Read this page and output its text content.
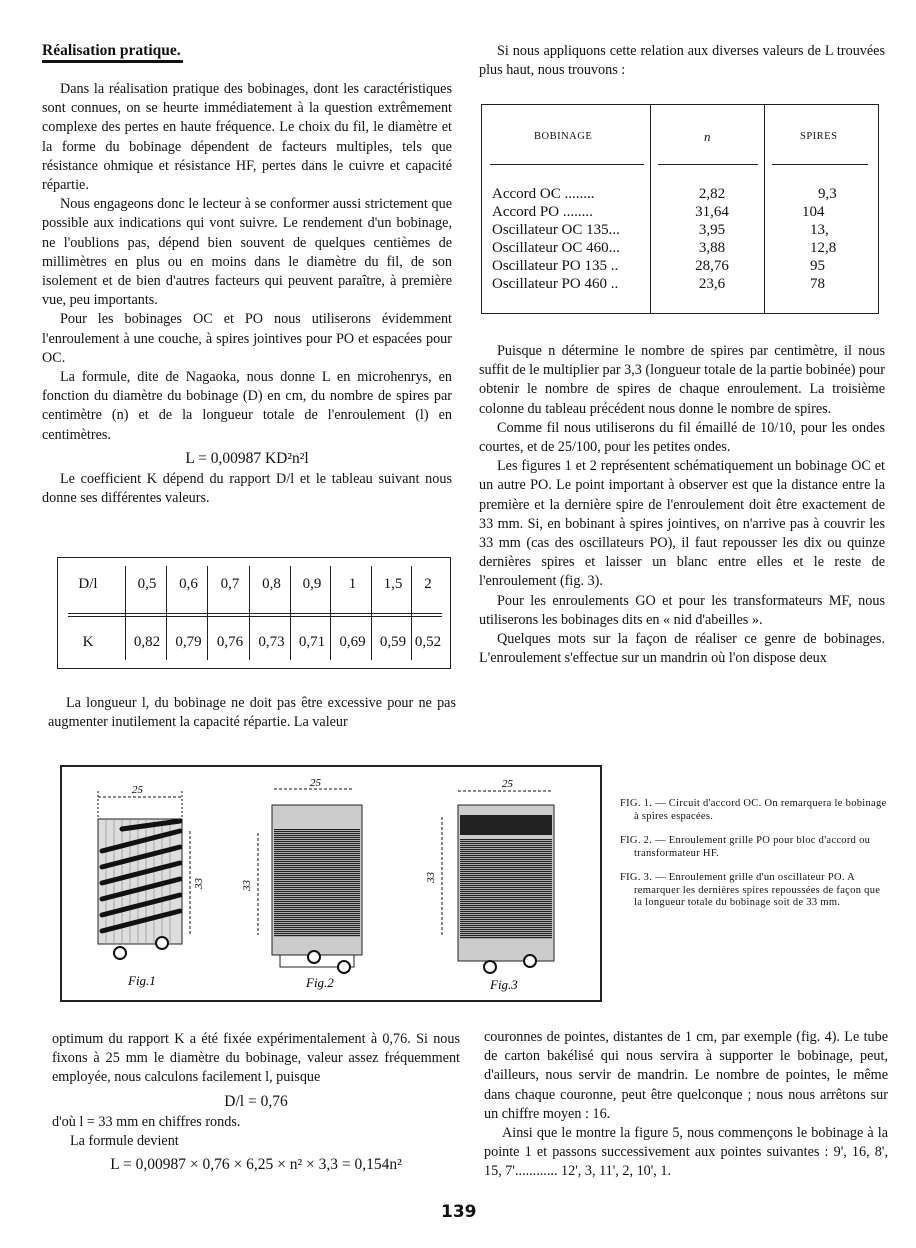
Réalisation pratique.

Dans la réalisation pratique des bobinages, dont les caractéristiques sont connues, on se heurte immédiatement à la question extrêmement complexe des pertes en haute fréquence. Le choix du fil, le diamètre et la forme du bobinage dépendent de facteurs multiples, tels que résistance ohmique et résistance HF, pertes dans le cuivre et capacité répartie.

Nous engageons donc le lecteur à se conformer aussi strictement que possible aux indications qui vont suivre. Le rendement d'un bobinage, ne l'oublions pas, dépend bien souvent de quelques centièmes de millimètres en plus ou en moins dans le diamètre du fil, de son isolement et de bien d'autres facteurs qui peuvent paraître, à première vue, peu importants.

Pour les bobinages OC et PO nous utiliserons évidemment l'enroulement à une couche, à spires jointives pour PO et espacées pour OC.

La formule, dite de Nagaoka, nous donne L en microhenrys, en fonction du diamètre du bobinage (D) en cm, du nombre de spires par centimètre (n) et de la longueur totale de l'enroulement (l) en centimètres.

L = 0,00987 KD²n²l

Le coefficient K dépend du rapport D/l et le tableau suivant nous donne ses différentes valeurs.

D/l	0,5	0,6	0,7	0,8	0,9	1	1,5	2
K	0,82	0,79	0,76	0,73 0,71 0,69 0,59 0,52

La longueur l, du bobinage ne doit pas être excessive pour ne pas augmenter inutilement la capacité répartie. La valeur

Si nous appliquons cette relation aux diverses valeurs de L trouvées plus haut, nous trouvons :

BOBINAGE	n	SPIRES
Accord OC ........	2,82	9,3
Accord PO ........	31,64	104
Oscillateur OC 135...	3,95	13,
Oscillateur OC 460...	3,88	12,8
Oscillateur PO 135 ..	28,76	95
Oscillateur PO 460 ..	23,6	78

Puisque n détermine le nombre de spires par centimètre, il nous suffit de le multiplier par 3,3 (longueur totale de la partie bobinée) pour obtenir le nombre de spires de chaque enroulement. La troisième colonne du tableau précédent nous donne le nombre de spires.

Comme fil nous utiliserons du fil émaillé de 10/10, pour les ondes courtes, et de 25/100, pour les petites ondes.

Les figures 1 et 2 représentent schématiquement un bobinage OC et un autre PO. Le point important à observer est que la distance entre la première et la dernière spire de l'enroulement doit être exactement de 33 mm. Si, en bobinant à spires jointives, on n'arrive pas à couvrir les 33 mm (cas des oscillateurs PO), il faut repousser les dix ou quinze dernières spires et laisser un blanc entre elles et le reste de l'enroulement (fig. 3).

Pour les enroulements GO et pour les transformateurs MF, nous utiliserons les bobinages dits en « nid d'abeilles ».

Quelques mots sur la façon de réaliser ce genre de bobinages. L'enroulement s'effectue sur un mandrin où l'on dispose deux

25
33
Fig.1
25
33
Fig.2
25
33
Fig.3

FIG. 1. — Circuit d'accord OC. On remarquera le bobinage à spires espacées.

FIG. 2. — Enroulement grille PO pour bloc d'accord ou transformateur HF.

FIG. 3. — Enroulement grille d'un oscillateur PO. A remarquer les dernières spires repoussées de façon que la longueur totale du bobinage soit de 33 mm.

optimum du rapport K a été fixée expérimentalement à 0,76. Si nous fixons à 25 mm le diamètre du bobinage, valeur assez fréquemment employée, nous calculons facilement l, puisque

D/l = 0,76

d'où l = 33 mm en chiffres ronds.

La formule devient

L = 0,00987 × 0,76 × 6,25 × n² × 3,3 = 0,154n²

couronnes de pointes, distantes de 1 cm, par exemple (fig. 4). Le tube de carton bakélisé qui nous servira à supporter le bobinage, peut, d'ailleurs, nous servir de mandrin. Le nombre de pointes, le même dans chaque couronne, peut être quelconque ; nous nous arrêtons sur un chiffre moyen : 16.

Ainsi que le montre la figure 5, nous commençons le bobinage à la pointe 1 et passons successivement aux pointes suivantes : 9', 16, 8', 15, 7'............ 12', 3, 11', 2, 10', 1.

139
